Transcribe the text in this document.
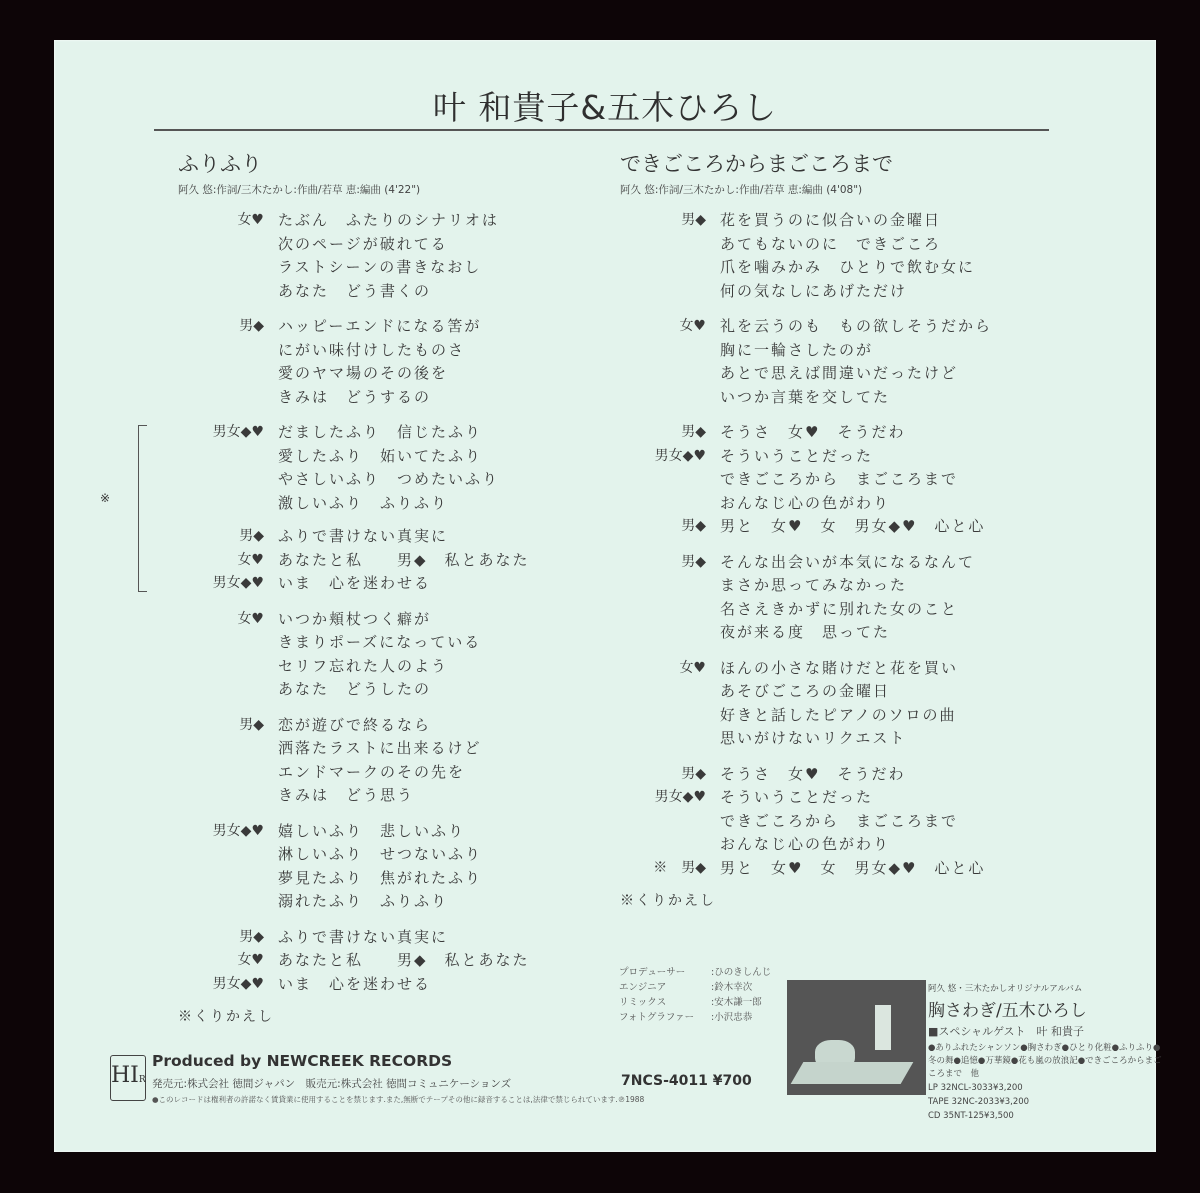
叶 和貴子&五木ひろし
ふりふり
阿久 悠:作詞/三木たかし:作曲/若草 恵:編曲 (4'22")
女♥ たぶん　ふたりのシナリオは
次のページが破れてる
ラストシーンの書きなおし
あなた　どう書くの
男◆ ハッピーエンドになる筈が
にがい味付けしたものさ
愛のヤマ場のその後を
きみは　どうするの
※
男女◆♥ だましたふり　信じたふり
愛したふり　妬いてたふり
やさしいふり　つめたいふり
激しいふり　ふりふり
男◆ ふりで書けない真実に
女♥ あなたと私　　男◆　私とあなた
男女◆♥ いま　心を迷わせる
女♥ いつか頬杖つく癖が
きまりポーズになっている
セリフ忘れた人のよう
あなた　どうしたの
男◆ 恋が遊びで終るなら
洒落たラストに出来るけど
エンドマークのその先を
きみは　どう思う
男女◆♥ 嬉しいふり　悲しいふり
淋しいふり　せつないふり
夢見たふり　焦がれたふり
溺れたふり　ふりふり
男◆ ふりで書けない真実に
女♥ あなたと私　　男◆　私とあなた
男女◆♥ いま　心を迷わせる
※くりかえし
できごころからまごころまで
阿久 悠:作詞/三木たかし:作曲/若草 恵:編曲 (4'08")
男◆ 花を買うのに似合いの金曜日
あてもないのに　できごころ
爪を噛みかみ　ひとりで飲む女に
何の気なしにあげただけ
女♥ 礼を云うのも　もの欲しそうだから
胸に一輪さしたのが
あとで思えば間違いだったけど
いつか言葉を交してた
男◆ そうさ　女♥　そうだわ
男女◆♥ そういうことだった
できごころから　まごころまで
おんなじ心の色がわり
男◆ 男と　女♥　女　男女◆♥　心と心
男◆ そんな出会いが本気になるなんて
まさか思ってみなかった
名さえきかずに別れた女のこと
夜が来る度　思ってた
女♥ ほんの小さな賭けだと花を買い
あそびごころの金曜日
好きと話したピアノのソロの曲
思いがけないリクエスト
男◆ そうさ　女♥　そうだわ
男女◆♥ そういうことだった
できごころから　まごころまで
おんなじ心の色がわり
※　男◆ 男と　女♥　女　男女◆♥　心と心
※くりかえし
プロデューサー	:ひのきしんじ
エンジニア	:鈴木幸次
リミックス	:安木謙一郎
フォトグラファー	:小沢忠恭
阿久 悠・三木たかしオリジナルアルバム
胸さわぎ/五木ひろし
■スペシャルゲスト　叶 和貴子
●ありふれたシャンソン●胸さわぎ●ひとり化粧●ふりふり●冬の舞●追憶●万華鏡●花も嵐の放浪記●できごころからまごころまで　他
LP 32NCL-3033¥3,200
TAPE 32NC-2033¥3,200
CD 35NT-125¥3,500
HIR
Produced by NEWCREEK RECORDS
発売元:株式会社 徳間ジャパン　販売元:株式会社 徳間コミュニケーションズ	7NCS-4011 ¥700
●このレコードは権利者の許諾なく賃貸業に使用することを禁じます.また,無断でテープその他に録音することは,法律で禁じられています.℗1988
